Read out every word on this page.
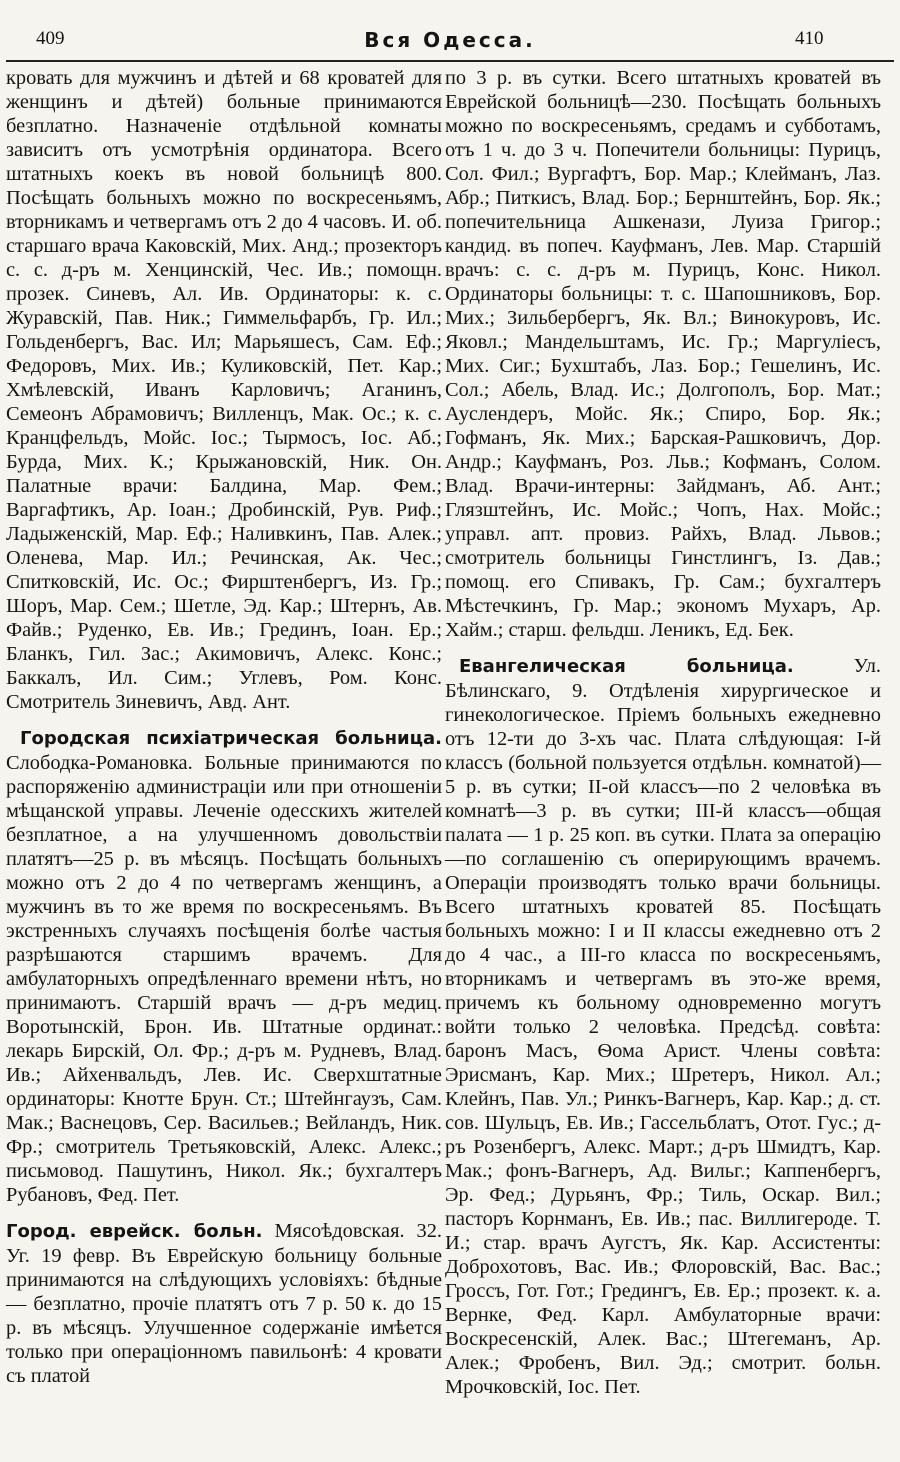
409	Вся Одесса.	410

кровать для мужчинъ и дѣтей и 68 кроватей для женщинъ и дѣтей) больные принимаются безплатно. Назначеніе отдѣльной комнаты зависитъ отъ усмотрѣнія ординатора. Всего штатныхъ коекъ въ новой больницѣ 800. Посѣщать больныхъ можно по воскресеньямъ, вторникамъ и четвергамъ отъ 2 до 4 часовъ. И. об. старшаго врача Каковскій, Мих. Анд.; прозекторъ с. с. д-ръ м. Хенцинскій, Чес. Ив.; помощн. прозек. Синевъ, Ал. Ив. Ординаторы: к. с. Журавскій, Пав. Ник.; Гиммельфарбъ, Гр. Ил.; Гольденбергъ, Вас. Ил; Марьяшесъ, Сам. Еф.; Федоровъ, Мих. Ив.; Куликовскій, Пет. Кар.; Хмѣлевскій, Иванъ Карловичъ; Аганинъ, Семеонъ Абрамовичъ; Вилленцъ, Мак. Ос.; к. с. Кранцфельдъ, Мойс. Іос.; Тырмосъ, Іос. Аб.; Бурда, Мих. К.; Крыжановскій, Ник. Он. Палатные врачи: Балдина, Мар. Фем.; Варгафтикъ, Ар. Іоан.; Дробинскій, Рув. Риф.; Ладыженскій, Мар. Еф.; Наливкинъ, Пав. Алек.; Оленева, Мар. Ил.; Речинская, Ак. Чес.; Спитковскій, Ис. Ос.; Фирштенбергъ, Из. Гр.; Шоръ, Мар. Сем.; Шетле, Эд. Кар.; Штернъ, Ав. Файв.; Руденко, Ев. Ив.; Грединъ, Іоан. Ер.; Бланкъ, Гил. Зас.; Акимовичъ, Алекс. Конс.; Баккалъ, Ил. Сим.; Углевъ, Ром. Конс. Смотритель Зиневичъ, Авд. Ант.

Городская психіатрическая больница. Слободка-Романовка. Больные принимаются по распоряженію администраціи или при отношеніи мѣщанской управы. Леченіе одесскихъ жителей безплатное, а на улучшенномъ довольствіи платятъ—25 р. въ мѣсяцъ. Посѣщать больныхъ можно отъ 2 до 4 по четвергамъ женщинъ, а мужчинъ въ то же время по воскресеньямъ. Въ экстренныхъ случаяхъ посѣщенія болѣе частыя разрѣшаются старшимъ врачемъ. Для амбулаторныхъ опредѣленнаго времени нѣтъ, но принимаютъ. Старшій врачъ — д-ръ медиц. Воротынскій, Брон. Ив. Штатные ординат.: лекарь Бирскій, Ол. Фр.; д-ръ м. Рудневъ, Влад. Ив.; Айхенвальдъ, Лев. Ис. Сверхштатные ординаторы: Кнотте Брун. Ст.; Штейнгаузъ, Сам. Мак.; Васнецовъ, Сер. Васильев.; Вейландъ, Ник. Фр.; смотритель Третьяковскій, Алекс. Алекс.; письмовод. Пашутинъ, Никол. Як.; бухгалтеръ Рубановъ, Фед. Пет.

Город. еврейск. больн. Мясоѣдовская. 32. Уг. 19 февр. Въ Еврейскую больницу больные принимаются на слѣдующихъ условіяхъ: бѣдные — безплатно, прочіе платятъ отъ 7 р. 50 к. до 15 р. въ мѣсяцъ. Улучшенное содержаніе имѣется только при операціонномъ павильонѣ: 4 кровати съ платой

по 3 р. въ сутки. Всего штатныхъ кроватей въ Еврейской больницѣ—230. Посѣщать больныхъ можно по воскресеньямъ, средамъ и субботамъ, отъ 1 ч. до 3 ч. Попечители больницы: Пурицъ, Сол. Фил.; Вургафтъ, Бор. Мар.; Клейманъ, Лаз. Абр.; Питкисъ, Влад. Бор.; Бернштейнъ, Бор. Як.; попечительница Ашкенази, Луиза Григор.; кандид. въ попеч. Кауфманъ, Лев. Мар. Старшій врачъ: с. с. д-ръ м. Пурицъ, Конс. Никол. Ординаторы больницы: т. с. Шапошниковъ, Бор. Мих.; Зильбербергъ, Як. Вл.; Винокуровъ, Ис. Яковл.; Мандельштамъ, Ис. Гр.; Маргуліесъ, Мих. Сиг.; Бухштабъ, Лаз. Бор.; Гешелинъ, Ис. Сол.; Абель, Влад. Ис.; Долгополъ, Бор. Мат.; Ауслендеръ, Мойс. Як.; Спиро, Бор. Як.; Гофманъ, Як. Мих.; Барская-Рашковичъ, Дор. Андр.; Кауфманъ, Роз. Льв.; Кофманъ, Солом. Влад. Врачи-интерны: Зайдманъ, Аб. Ант.; Глязштейнъ, Ис. Мойс.; Чопъ, Нах. Мойс.; управл. апт. провиз. Райхъ, Влад. Львов.; смотритель больницы Гинстлингъ, Із. Дав.; помощ. его Спивакъ, Гр. Сам.; бухгалтеръ Мѣстечкинъ, Гр. Мар.; экономъ Мухаръ, Ар. Хайм.; старш. фельдш. Леникъ, Ед. Бек.

Евангелическая больница. Ул. Бѣлинскаго, 9. Отдѣленія хирургическое и гинекологическое. Пріемъ больныхъ ежедневно отъ 12-ти до 3-хъ час. Плата слѣдующая: I-й классъ (больной пользуется отдѣльн. комнатой)—5 р. въ сутки; II-ой классъ—по 2 человѣка въ комнатѣ—3 р. въ сутки; III-й классъ—общая палата — 1 р. 25 коп. въ сутки. Плата за операцію—по соглашенію съ оперирующимъ врачемъ. Операціи производятъ только врачи больницы. Всего штатныхъ кроватей 85. Посѣщать больныхъ можно: I и II классы ежедневно отъ 2 до 4 час., а III-го класса по воскресеньямъ, вторникамъ и четвергамъ въ это-же время, причемъ къ больному одновременно могутъ войти только 2 человѣка. Предсѣд. совѣта: баронъ Масъ, Ѳома Арист. Члены совѣта: Эрисманъ, Кар. Мих.; Шретеръ, Никол. Ал.; Клейнъ, Пав. Ул.; Ринкъ-Вагнеръ, Кар. Кар.; д. ст. сов. Шульцъ, Ев. Ив.; Гассельблатъ, Отот. Гус.; д-ръ Розенбергъ, Алекс. Март.; д-ръ Шмидтъ, Кар. Мак.; фонъ-Вагнеръ, Ад. Вильг.; Каппенбергъ, Эр. Фед.; Дурьянъ, Фр.; Тиль, Оскар. Вил.; пасторъ Корнманъ, Ев. Ив.; пас. Виллигероде. Т. И.; стар. врачъ Аугстъ, Як. Кар. Ассистенты: Доброхотовъ, Вас. Ив.; Флоровскій, Вас. Вас.; Гроссъ, Гот. Гот.; Гредингъ, Ев. Ер.; прозект. к. а. Вернке, Фед. Карл. Амбулаторные врачи: Воскресенскій, Алек. Вас.; Штегеманъ, Ар. Алек.; Фробенъ, Вил. Эд.; смотрит. больн. Мрочковскій, Іос. Пет.
